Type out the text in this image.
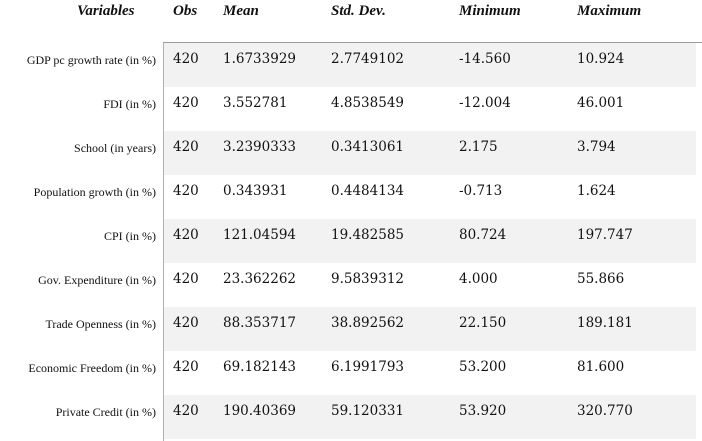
Variables	Obs Mean	Std. Dev.	Minimum	Maximum
GDP pc growth rate (in %) 420 1.6733929	2.7749102	-14.560	10.924
FDI (in %) 420 3.552781	4.8538549	-12.004	46.001
School (in years) 420 3.2390333	0.3413061	2.175	3.794
Population growth (in %) 420 0.343931	0.4484134	-0.713	1.624
CPI (in %) 420 121.04594	19.482585	80.724	197.747
Gov. Expenditure (in %) 420 23.362262	9.5839312	4.000	55.866
Trade Openness (in %) 420 88.353717	38.892562	22.150	189.181
Economic Freedom (in %) 420 69.182143	6.1991793	53.200	81.600
Private Credit (in %) 420 190.40369	59.120331	53.920	320.770
